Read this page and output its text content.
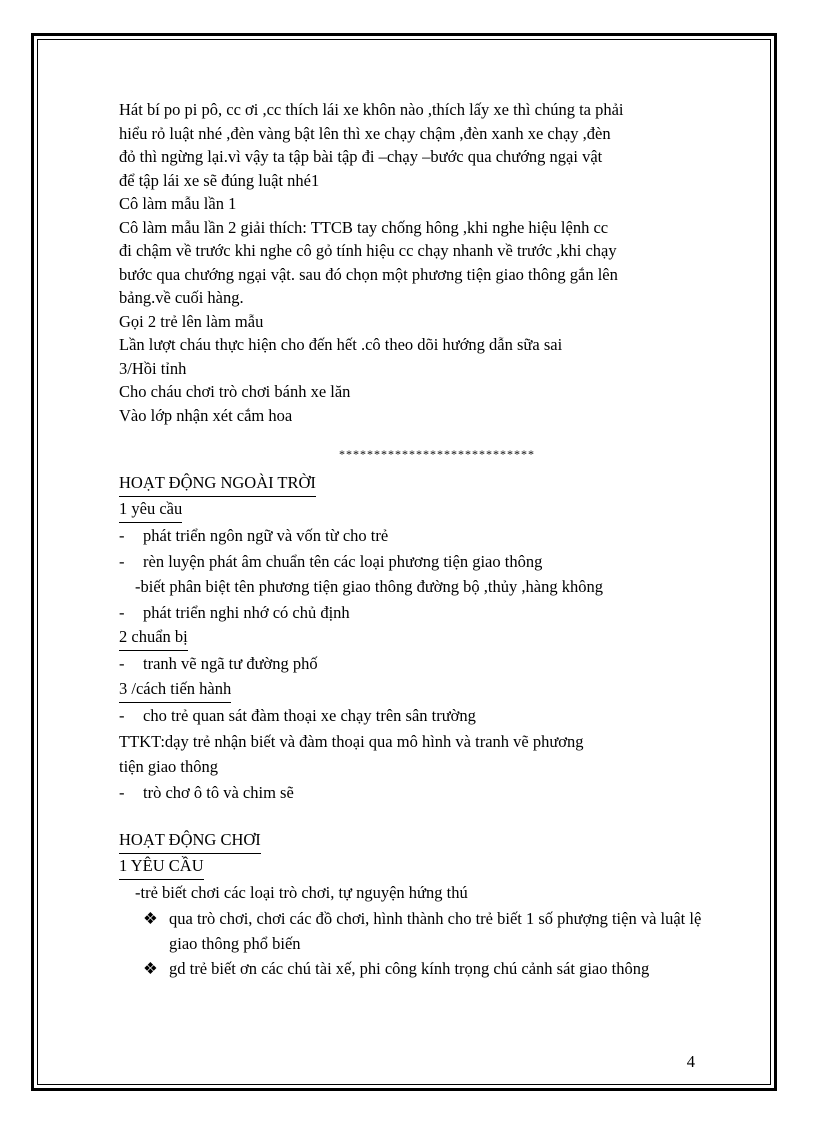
Hát bí po pi pô, cc ơi ,cc thích lái xe khôn nào ,thích lấy xe thì chúng ta phải

hiểu rỏ luật nhé ,đèn vàng bật lên thì xe chạy chậm ,đèn xanh xe chạy ,đèn

đỏ thì ngừng lại.vì vậy ta tập bài tập đi –chạy –bước qua chướng ngại vật

để tập lái xe sẽ đúng luật nhé1

Cô làm mẫu lần 1

Cô làm mẫu lần 2 giải thích: TTCB tay chống hông ,khi nghe hiệu lệnh cc

đi chậm về trước khi nghe cô gỏ tính hiệu cc chạy nhanh về trước ,khi chạy

bước qua chướng ngại vật. sau đó chọn một phương tiện giao thông gắn lên

bảng.về cuối hàng.

Gọi 2 trẻ lên làm mẫu

Lần lượt cháu thực hiện cho đến hết .cô theo dõi hướng dẫn sữa sai

3/Hồi tỉnh

Cho cháu chơi trò chơi bánh xe lăn

Vào lớp nhận xét cắm hoa

****************************

HOẠT ĐỘNG NGOÀI TRỜI

1 yêu cầu

-	phát triển ngôn ngữ và vốn từ cho trẻ
-	rèn luyện phát âm chuẩn tên các loại phương tiện giao thông
-biết phân biệt tên phương tiện giao thông đường bộ ,thủy ,hàng không
-	phát triển nghi nhớ có chủ định

2 chuẩn bị

-	tranh vẽ ngã tư đường phố

3 /cách tiến hành

-	cho trẻ quan sát đàm thoại xe chạy trên sân trường
TTKT:dạy trẻ nhận biết và đàm thoại qua mô hình và tranh vẽ phương
tiện giao thông
-	trò chơ ô tô và chim sẽ

HOẠT ĐỘNG CHƠI

1 YÊU CẦU

-trẻ biết chơi các loại trò chơi, tự nguyện hứng thú
❖ qua trò chơi, chơi các đồ chơi, hình thành cho trẻ biết 1 số phượng tiện và luật lệ giao thông phổ biến
❖ gd trẻ biết ơn các chú tài xế, phi công kính trọng chú cảnh sát giao thông
4
